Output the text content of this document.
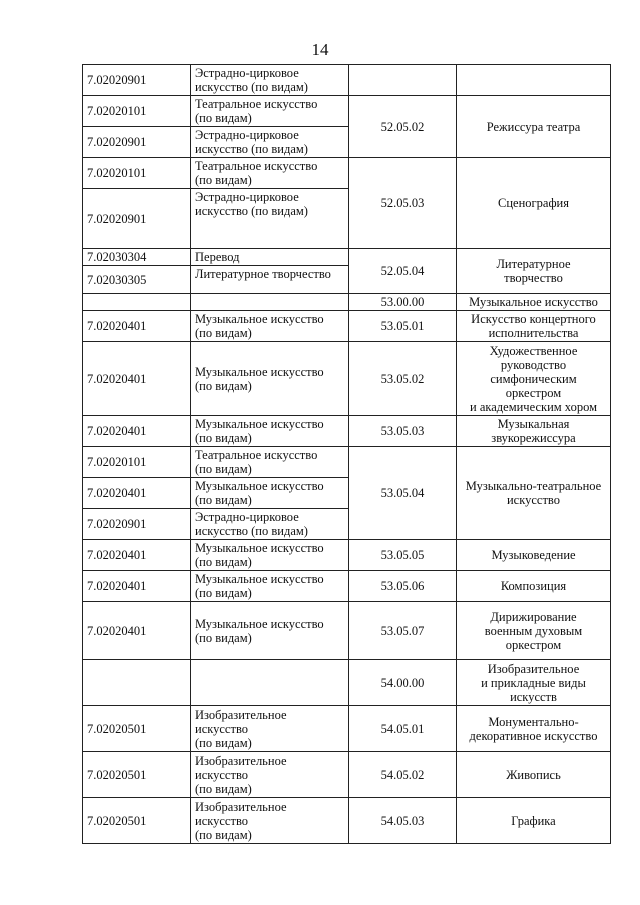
14
7.02020901	Эстрадно-цирковое
искусство (по видам)		
7.02020101	Театральное искусство
(по видам)	52.05.02	Режиссура театра
7.02020901	Эстрадно-цирковое
искусство (по видам)		
7.02020101	Театральное искусство
(по видам)	52.05.03	Сценография
7.02020901	Эстрадно-цирковое
искусство (по видам)		
7.02030304	Перевод	52.05.04	Литературное
творчество
7.02030305	Литературное творчество		
		53.00.00	Музыкальное искусство
7.02020401	Музыкальное искусство
(по видам)	53.05.01	Искусство концертного
исполнительства
7.02020401	Музыкальное искусство
(по видам)	53.05.02	Художественное
руководство
симфоническим
оркестром
и академическим хором
7.02020401	Музыкальное искусство
(по видам)	53.05.03	Музыкальная
звукорежиссура
7.02020101	Театральное искусство
(по видам)	53.05.04	Музыкально-театральное
искусство
7.02020401	Музыкальное искусство
(по видам)		
7.02020901	Эстрадно-цирковое
искусство (по видам)		
7.02020401	Музыкальное искусство
(по видам)	53.05.05	Музыковедение
7.02020401	Музыкальное искусство
(по видам)	53.05.06	Композиция
7.02020401	Музыкальное искусство
(по видам)	53.05.07	Дирижирование
военным духовым
оркестром
		54.00.00	Изобразительное
и прикладные виды
искусств
7.02020501	Изобразительное
искусство
(по видам)	54.05.01	Монументально-
декоративное искусство
7.02020501	Изобразительное
искусство
(по видам)	54.05.02	Живопись
7.02020501	Изобразительное
искусство
(по видам)	54.05.03	Графика
